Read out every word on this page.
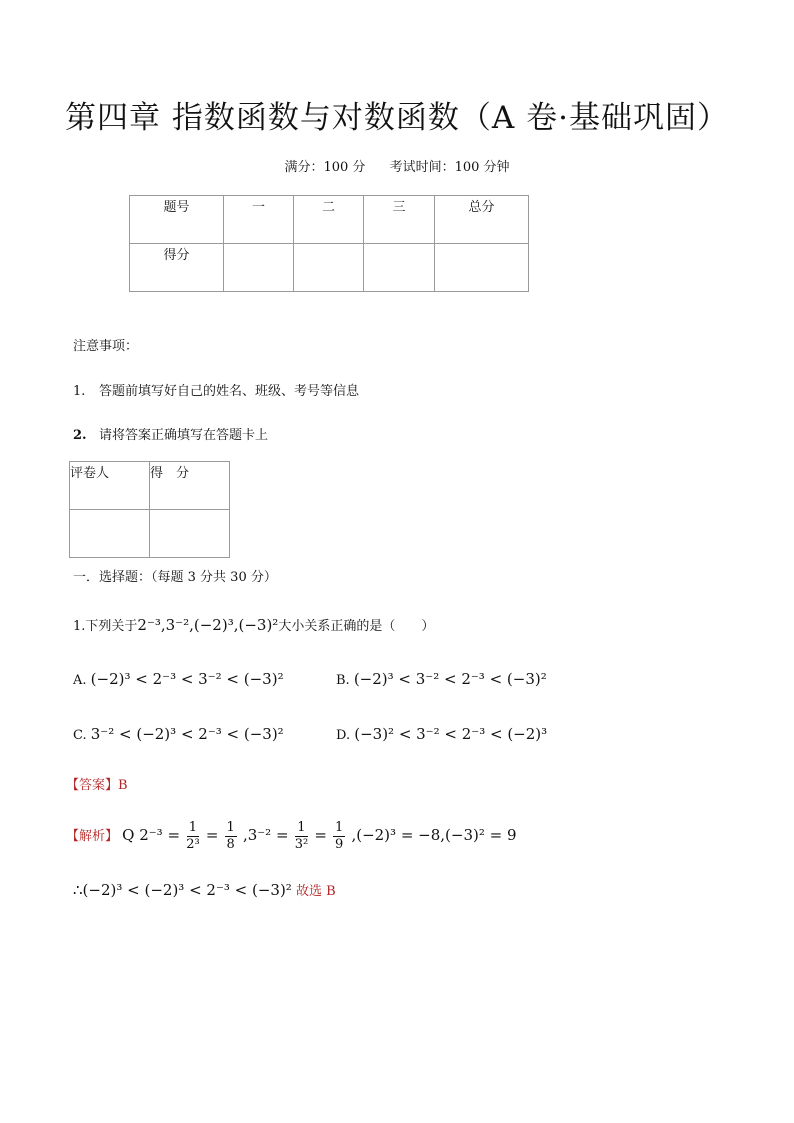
第四章 指数函数与对数函数（A 卷·基础巩固）
满分：100 分 考试时间：100 分钟
题号	一	二	三	总分
得分				
注意事项：
1. 答题前填写好自己的姓名、班级、考号等信息
2. 请将答案正确填写在答题卡上
评卷人	得　分

一．选择题：（每题 3 分共 30 分）
1.下列关于2⁻³,3⁻²,(−2)³,(−3)²大小关系正确的是（　　）
A. (−2)³ < 2⁻³ < 3⁻² < (−3)²	B. (−2)³ < 3⁻² < 2⁻³ < (−3)²
C. 3⁻² < (−2)³ < 2⁻³ < (−3)²	D. (−3)² < 3⁻² < 2⁻³ < (−2)³
【答案】B
【解析】 Q $2^{-3} = \frac{1}{\text{2³}} = \frac{1}{8} ,3^{-2} = \frac{1}{\text{3²}} = \frac{1}{9} ,(-2)^3 = -8,(-3)^2 = 9$
∴(−2)³ < (−2)³ < 2⁻³ < (−3)² 故选 B
